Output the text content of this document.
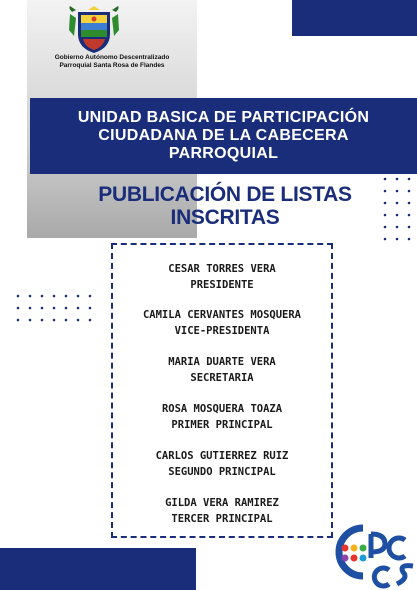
Gobierno Autónomo Descentralizado
Parroquial Santa Rosa de Flandes
UNIDAD BASICA DE PARTICIPACIÓN
CIUDADANA DE LA CABECERA
PARROQUIAL
PUBLICACIÓN DE LISTAS
INSCRITAS
CESAR TORRES VERA
PRESIDENTE
CAMILA CERVANTES MOSQUERA
VICE-PRESIDENTA
MARIA DUARTE VERA
SECRETARIA
ROSA MOSQUERA TOAZA
PRIMER PRINCIPAL
CARLOS GUTIERREZ RUIZ
SEGUNDO PRINCIPAL
GILDA VERA RAMIREZ
TERCER PRINCIPAL
